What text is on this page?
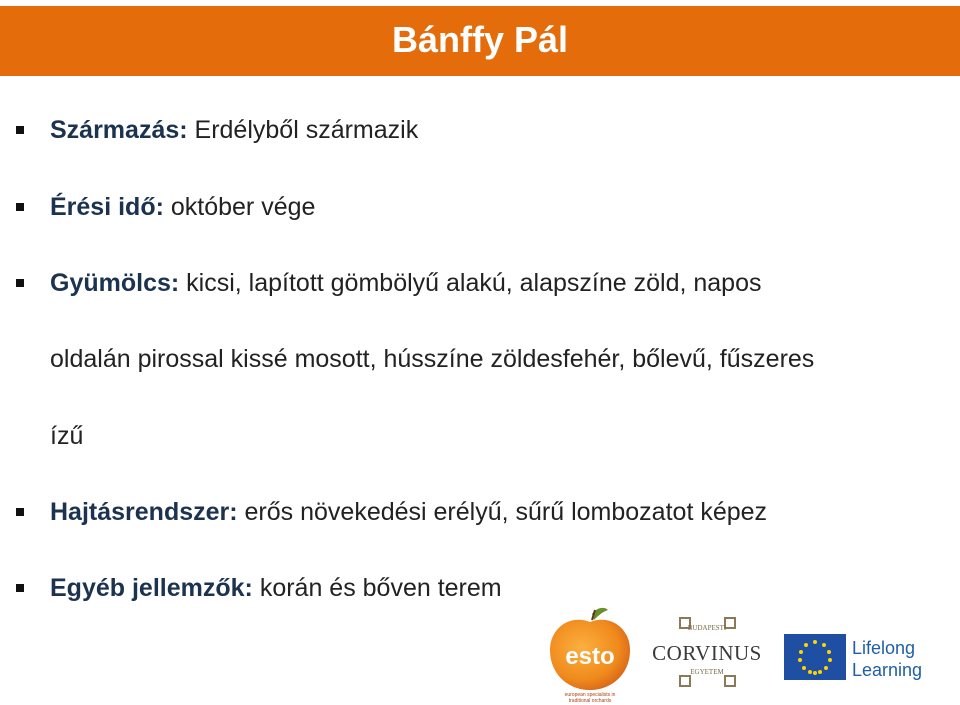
Bánffy Pál
Származás: Erdélyből származik
Érési idő: október vége
Gyümölcs: kicsi, lapított gömbölyű alakú, alapszíne zöld, napos
oldalán pirossal kissé mosott, hússzíne zöldesfehér, bőlevű, fűszeres
ízű
Hajtásrendszer: erős növekedési erélyű, sűrű lombozatot képez
Egyéb jellemzők: korán és bőven terem
esto
european specialists in
traditional orchards
BUDAPESTI
CORVINUS
EGYETEM
Lifelong
Learning
